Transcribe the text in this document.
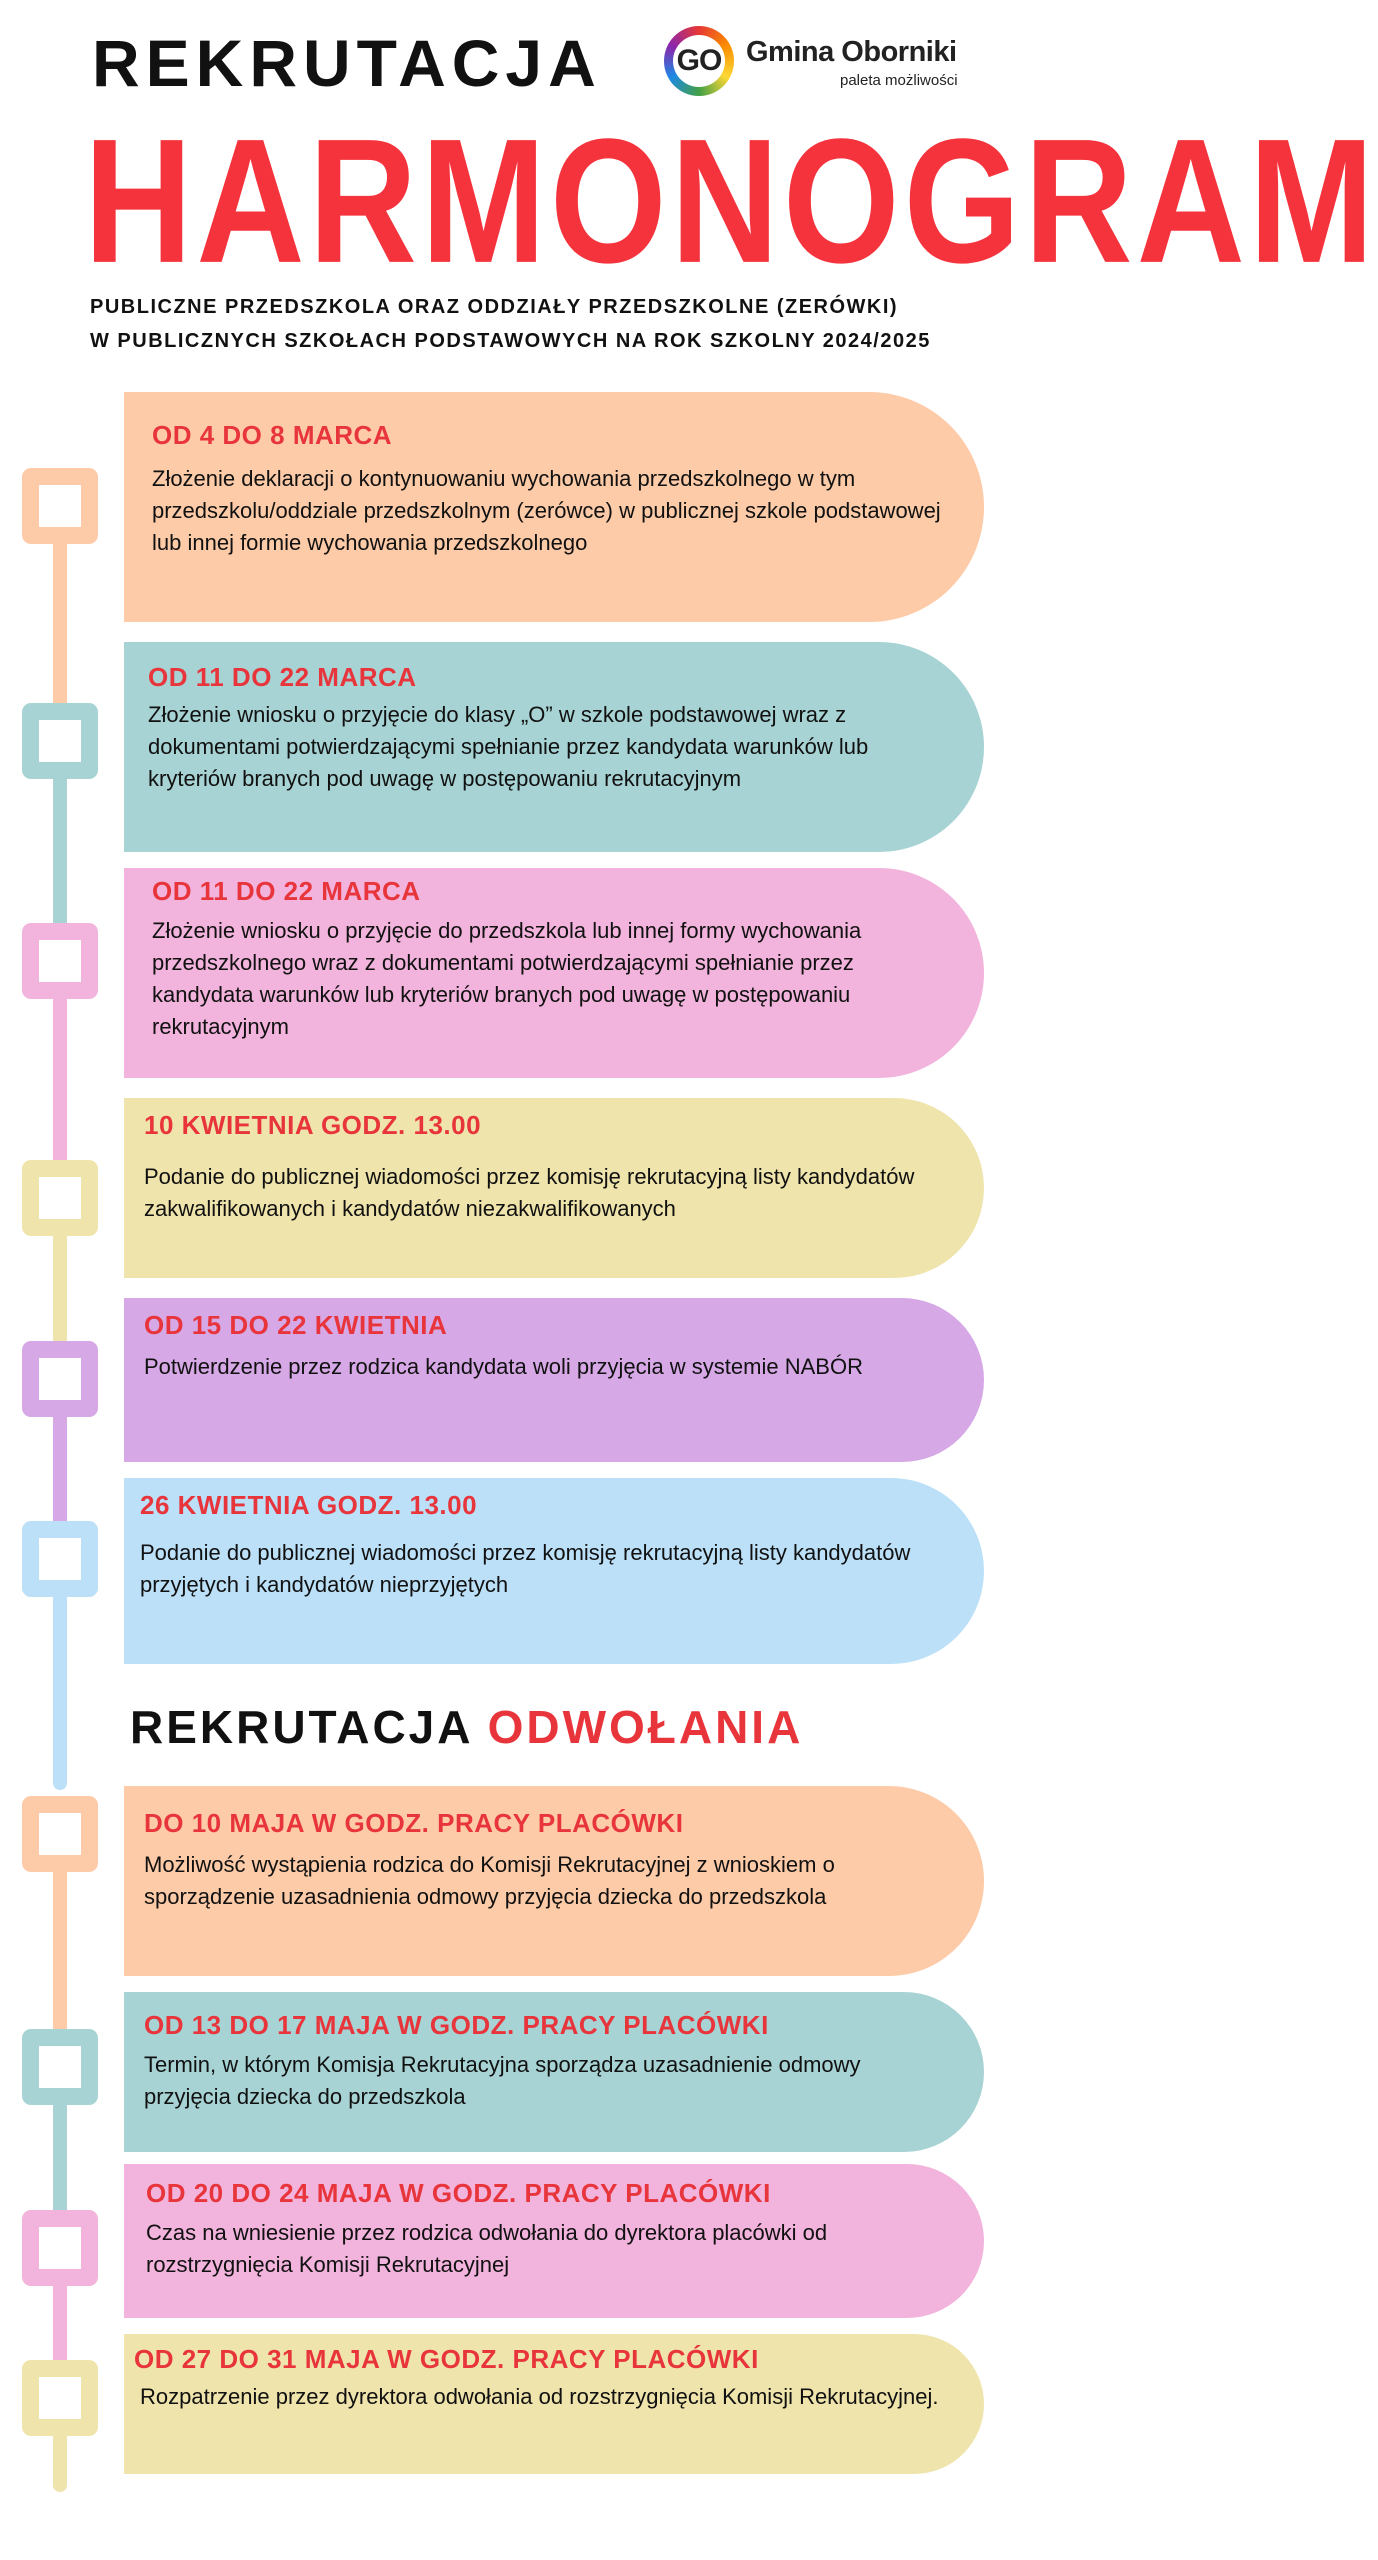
REKRUTACJA
HARMONOGRAM
PUBLICZNE PRZEDSZKOLA ORAZ ODDZIAŁY PRZEDSZKOLNE (ZERÓWKI)
W PUBLICZNYCH SZKOŁACH PODSTAWOWYCH NA ROK SZKOLNY 2024/2025
GO Gmina Oborniki
paleta możliwości
OD 4 DO 8 MARCA
Złożenie deklaracji o kontynuowaniu wychowania przedszkolnego w tym przedszkolu/oddziale przedszkolnym (zerówce) w publicznej szkole podstawowej lub innej formie wychowania przedszkolnego
OD 11 DO 22 MARCA
Złożenie wniosku o przyjęcie do klasy „O” w szkole podstawowej wraz z dokumentami potwierdzającymi spełnianie przez kandydata warunków lub kryteriów branych pod uwagę w postępowaniu rekrutacyjnym
OD 11 DO 22 MARCA
Złożenie wniosku o przyjęcie do przedszkola lub innej formy wychowania przedszkolnego wraz z dokumentami potwierdzającymi spełnianie przez kandydata warunków lub kryteriów branych pod uwagę w postępowaniu rekrutacyjnym
10 KWIETNIA GODZ. 13.00
Podanie do publicznej wiadomości przez komisję rekrutacyjną listy kandydatów zakwalifikowanych i kandydatów niezakwalifikowanych
OD 15 DO 22 KWIETNIA
Potwierdzenie przez rodzica kandydata woli przyjęcia w systemie NABÓR
26 KWIETNIA GODZ. 13.00
Podanie do publicznej wiadomości przez komisję rekrutacyjną listy kandydatów przyjętych i kandydatów nieprzyjętych
REKRUTACJA ODWOŁANIA
DO 10 MAJA W GODZ. PRACY PLACÓWKI
Możliwość wystąpienia rodzica do Komisji Rekrutacyjnej z wnioskiem o sporządzenie uzasadnienia odmowy przyjęcia dziecka do przedszkola
OD 13 DO 17 MAJA W GODZ. PRACY PLACÓWKI
Termin, w którym Komisja Rekrutacyjna sporządza uzasadnienie odmowy przyjęcia dziecka do przedszkola
OD 20 DO 24 MAJA W GODZ. PRACY PLACÓWKI
Czas na wniesienie przez rodzica odwołania do dyrektora placówki od rozstrzygnięcia Komisji Rekrutacyjnej
OD 27 DO 31 MAJA W GODZ. PRACY PLACÓWKI
Rozpatrzenie przez dyrektora odwołania od rozstrzygnięcia Komisji Rekrutacyjnej.
